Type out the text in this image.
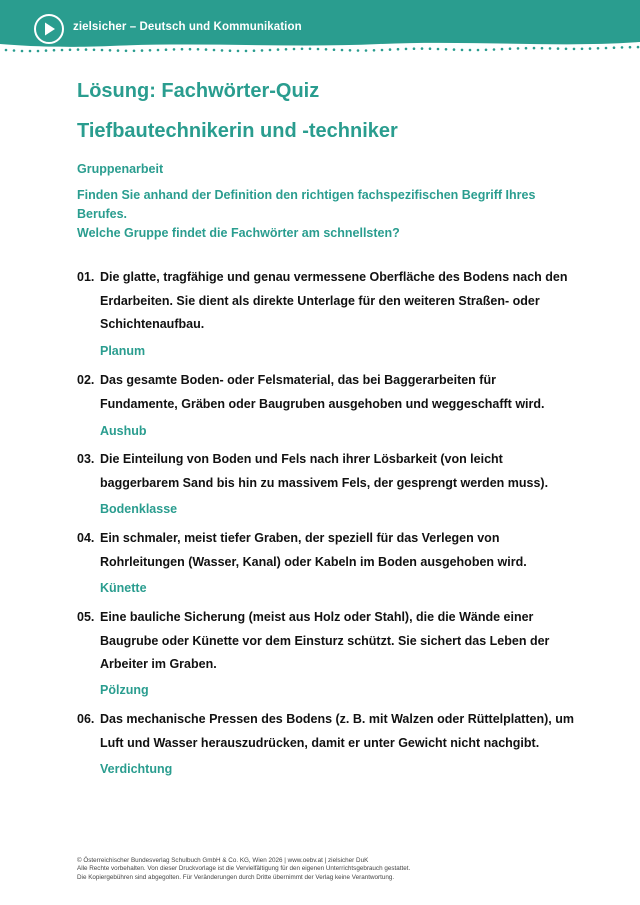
zielsicher – Deutsch und Kommunikation
Lösung: Fachwörter-Quiz
Tiefbautechnikerin und -techniker
Gruppenarbeit
Finden Sie anhand der Definition den richtigen fachspezifischen Begriff Ihres Berufes.
Welche Gruppe findet die Fachwörter am schnellsten?
01. Die glatte, tragfähige und genau vermessene Oberfläche des Bodens nach den Erdarbeiten. Sie dient als direkte Unterlage für den weiteren Straßen- oder Schichtenaufbau.
Planum
02. Das gesamte Boden- oder Felsmaterial, das bei Baggerarbeiten für Fundamente, Gräben oder Baugruben ausgehoben und weggeschafft wird.
Aushub
03. Die Einteilung von Boden und Fels nach ihrer Lösbarkeit (von leicht baggerbarem Sand bis hin zu massivem Fels, der gesprengt werden muss).
Bodenklasse
04. Ein schmaler, meist tiefer Graben, der speziell für das Verlegen von Rohrleitungen (Wasser, Kanal) oder Kabeln im Boden ausgehoben wird.
Künette
05. Eine bauliche Sicherung (meist aus Holz oder Stahl), die die Wände einer Baugrube oder Künette vor dem Einsturz schützt. Sie sichert das Leben der Arbeiter im Graben.
Pölzung
06. Das mechanische Pressen des Bodens (z. B. mit Walzen oder Rüttelplatten), um Luft und Wasser herauszudrücken, damit er unter Gewicht nicht nachgibt.
Verdichtung
© Österreichischer Bundesverlag Schulbuch GmbH & Co. KG, Wien 2026 | www.oebv.at | zielsicher DuK
Alle Rechte vorbehalten. Von dieser Druckvorlage ist die Vervielfältigung für den eigenen Unterrichtsgebrauch gestattet.
Die Kopiergebühren sind abgegolten. Für Veränderungen durch Dritte übernimmt der Verlag keine Verantwortung.
